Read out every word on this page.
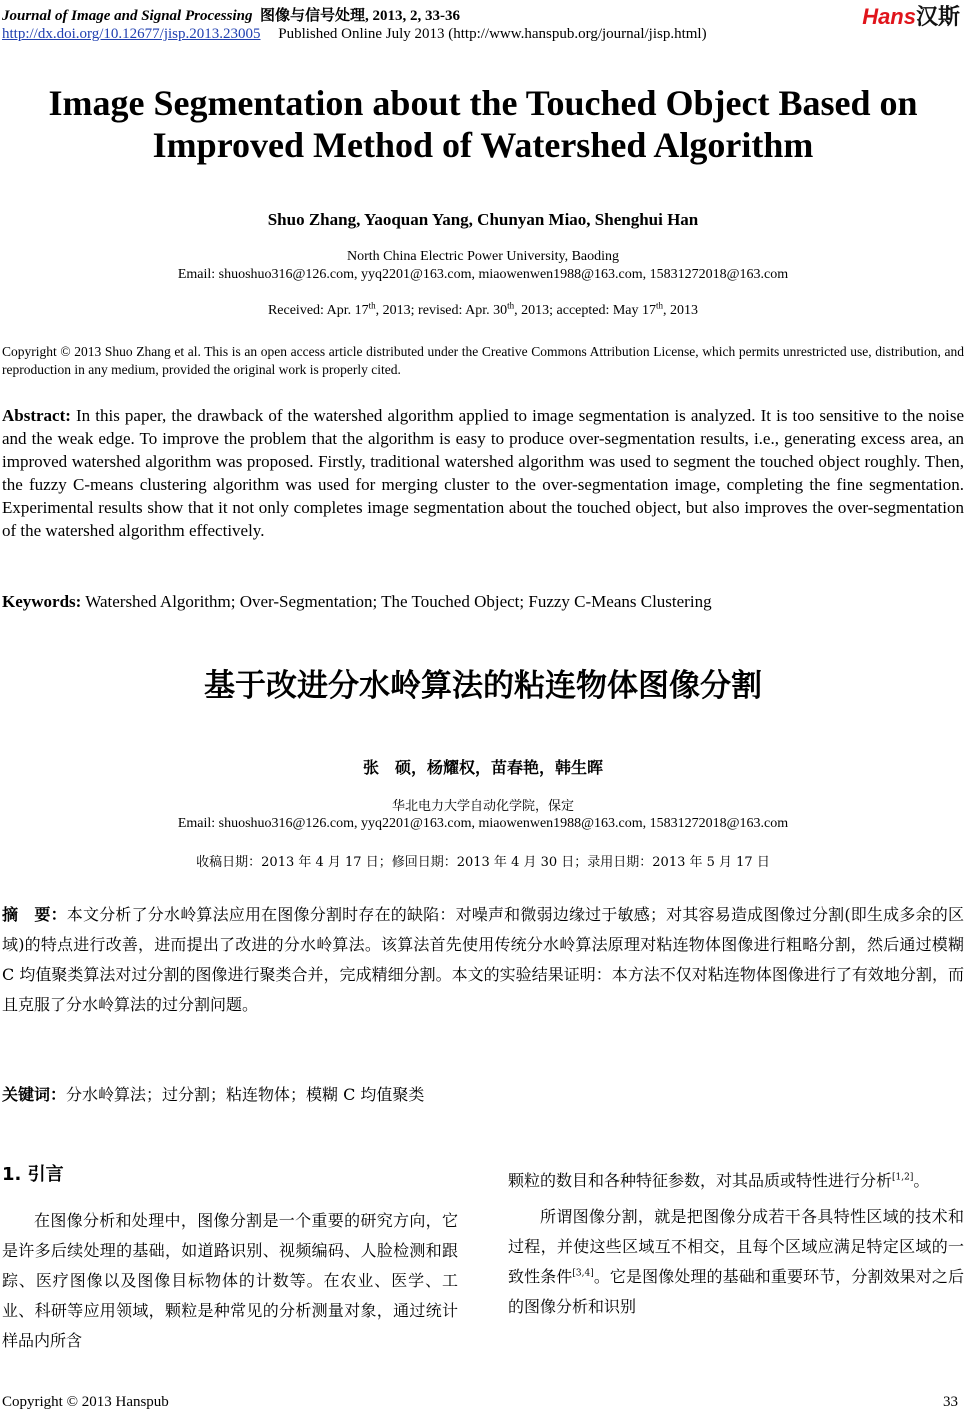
Journal of Image and Signal Processing 图像与信号处理, 2013, 2, 33-36
http://dx.doi.org/10.12677/jisp.2013.23005 Published Online July 2013 (http://www.hanspub.org/journal/jisp.html)
Hans汉斯
Image Segmentation about the Touched Object Based on
Improved Method of Watershed Algorithm
Shuo Zhang, Yaoquan Yang, Chunyan Miao, Shenghui Han
North China Electric Power University, Baoding
Email: shuoshuo316@126.com, yyq2201@163.com, miaowenwen1988@163.com, 15831272018@163.com
Received: Apr. 17th, 2013; revised: Apr. 30th, 2013; accepted: May 17th, 2013
Copyright © 2013 Shuo Zhang et al. This is an open access article distributed under the Creative Commons Attribution License, which permits unrestricted use, distribution, and reproduction in any medium, provided the original work is properly cited.
Abstract: In this paper, the drawback of the watershed algorithm applied to image segmentation is analyzed. It is too sensitive to the noise and the weak edge. To improve the problem that the algorithm is easy to produce over-segmentation results, i.e., generating excess area, an improved watershed algorithm was proposed. Firstly, traditional watershed algorithm was used to segment the touched object roughly. Then, the fuzzy C-means clustering algorithm was used for merging cluster to the over-segmentation image, completing the fine segmentation. Experimental results show that it not only completes image segmentation about the touched object, but also improves the over-segmentation of the watershed algorithm effectively.
Keywords: Watershed Algorithm; Over-Segmentation; The Touched Object; Fuzzy C-Means Clustering
基于改进分水岭算法的粘连物体图像分割
张　硕，杨耀权，苗春艳，韩生晖
华北电力大学自动化学院，保定
Email: shuoshuo316@126.com, yyq2201@163.com, miaowenwen1988@163.com, 15831272018@163.com
收稿日期：2013 年 4 月 17 日；修回日期：2013 年 4 月 30 日；录用日期：2013 年 5 月 17 日
摘　要：本文分析了分水岭算法应用在图像分割时存在的缺陷：对噪声和微弱边缘过于敏感；对其容易造成图像过分割(即生成多余的区域)的特点进行改善，进而提出了改进的分水岭算法。该算法首先使用传统分水岭算法原理对粘连物体图像进行粗略分割，然后通过模糊 C 均值聚类算法对过分割的图像进行聚类合并，完成精细分割。本文的实验结果证明：本方法不仅对粘连物体图像进行了有效地分割，而且克服了分水岭算法的过分割问题。
关键词：分水岭算法；过分割；粘连物体；模糊 C 均值聚类
1. 引言

在图像分析和处理中，图像分割是一个重要的研究方向，它是许多后续处理的基础，如道路识别、视频编码、人脸检测和跟踪、医疗图像以及图像目标物体的计数等。在农业、医学、工业、科研等应用领域，颗粒是种常见的分析测量对象，通过统计样品内所含

颗粒的数目和各种特征参数，对其品质或特性进行分析[1,2]。

所谓图像分割，就是把图像分成若干各具特性区域的技术和过程，并使这些区域互不相交，且每个区域应满足特定区域的一致性条件[3,4]。它是图像处理的基础和重要环节，分割效果对之后的图像分析和识别

Copyright © 2013 Hanspub	33
